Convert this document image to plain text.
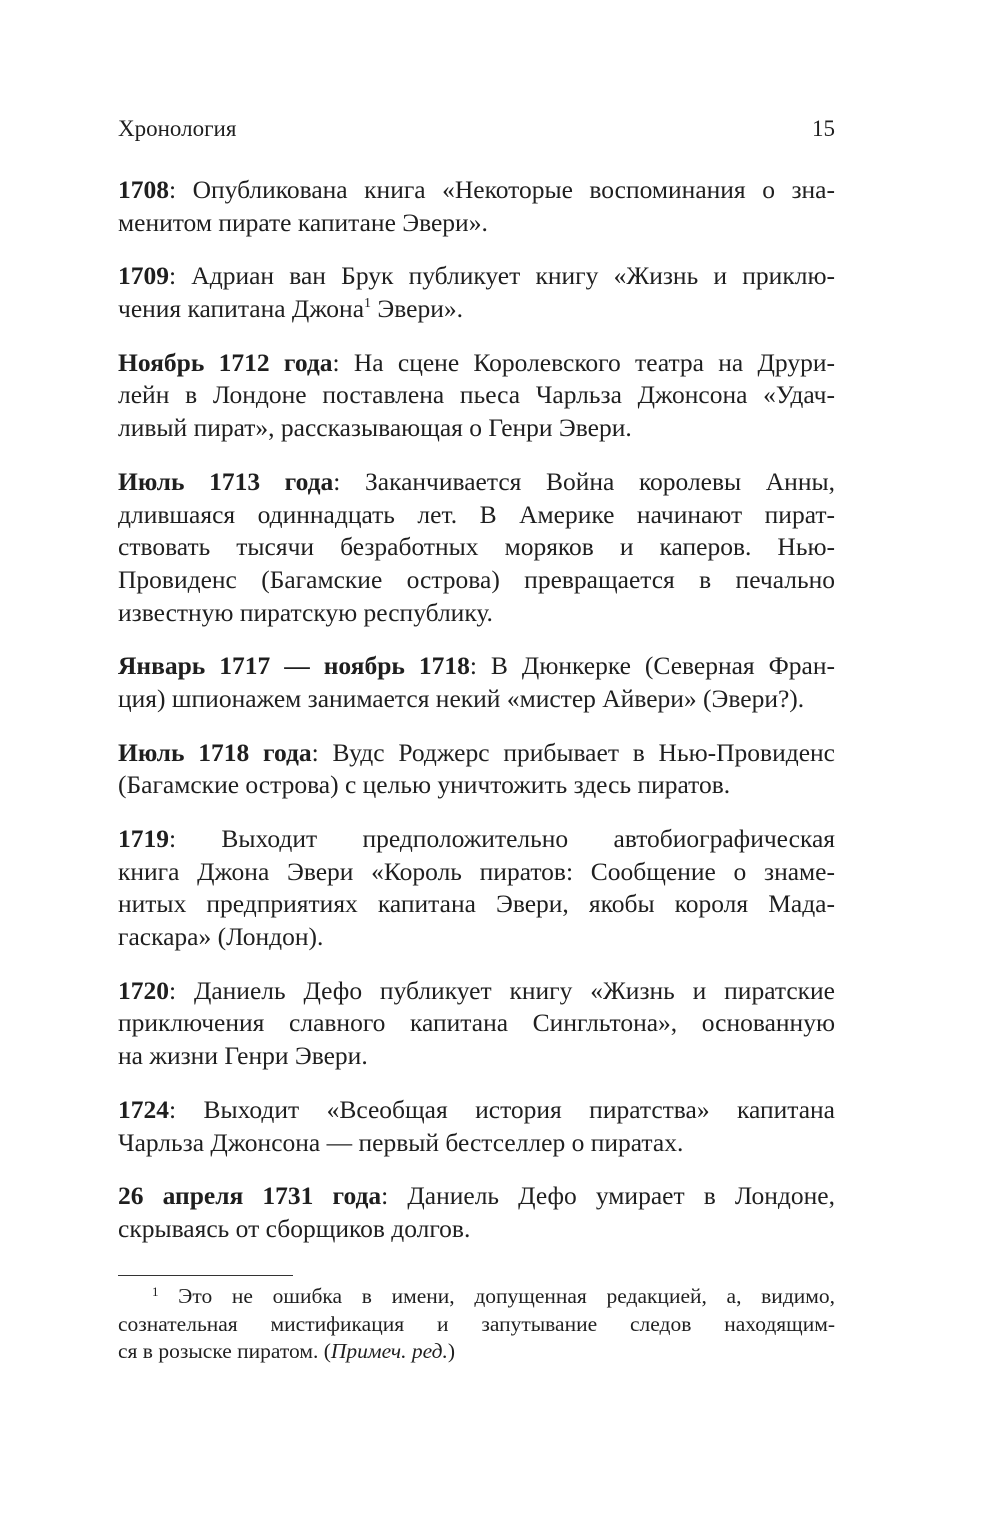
Хронология	15
1708: Опубликована книга «Некоторые воспоминания о зна-
менитом пирате капитане Эвери».
1709: Адриан ван Брук публикует книгу «Жизнь и приклю-
чения капитана Джона$^1$ Эвери».
Ноябрь 1712 года: На сцене Королевского театра на Друри-
лейн в Лондоне поставлена пьеса Чарльза Джонсона «Удач-
ливый пират», рассказывающая о Генри Эвери.
Июль 1713 года: Заканчивается Война королевы Анны,
длившаяся одиннадцать лет. В Америке начинают пират-
ствовать тысячи безработных моряков и каперов. Нью-
Провиденс (Багамские острова) превращается в печально
известную пиратскую республику.
Январь 1717 — ноябрь 1718: В Дюнкерке (Северная Фран-
ция) шпионажем занимается некий «мистер Айвери» (Эвери?).
Июль 1718 года: Вудс Роджерс прибывает в Нью-Провиденс
(Багамские острова) с целью уничтожить здесь пиратов.
1719: Выходит предположительно автобиографическая
книга Джона Эвери «Король пиратов: Сообщение о знаме-
нитых предприятиях капитана Эвери, якобы короля Мада-
гаскара» (Лондон).
1720: Даниель Дефо публикует книгу «Жизнь и пиратские
приключения славного капитана Сингльтона», основанную
на жизни Генри Эвери.
1724: Выходит «Всеобщая история пиратства» капитана
Чарльза Джонсона — первый бестселлер о пиратах.
26 апреля 1731 года: Даниель Дефо умирает в Лондоне,
скрываясь от сборщиков долгов.
$^1$ Это не ошибка в имени, допущенная редакцией, а, видимо,
сознательная мистификация и запутывание следов находящим-
ся в розыске пиратом. (Примеч. ред.)
